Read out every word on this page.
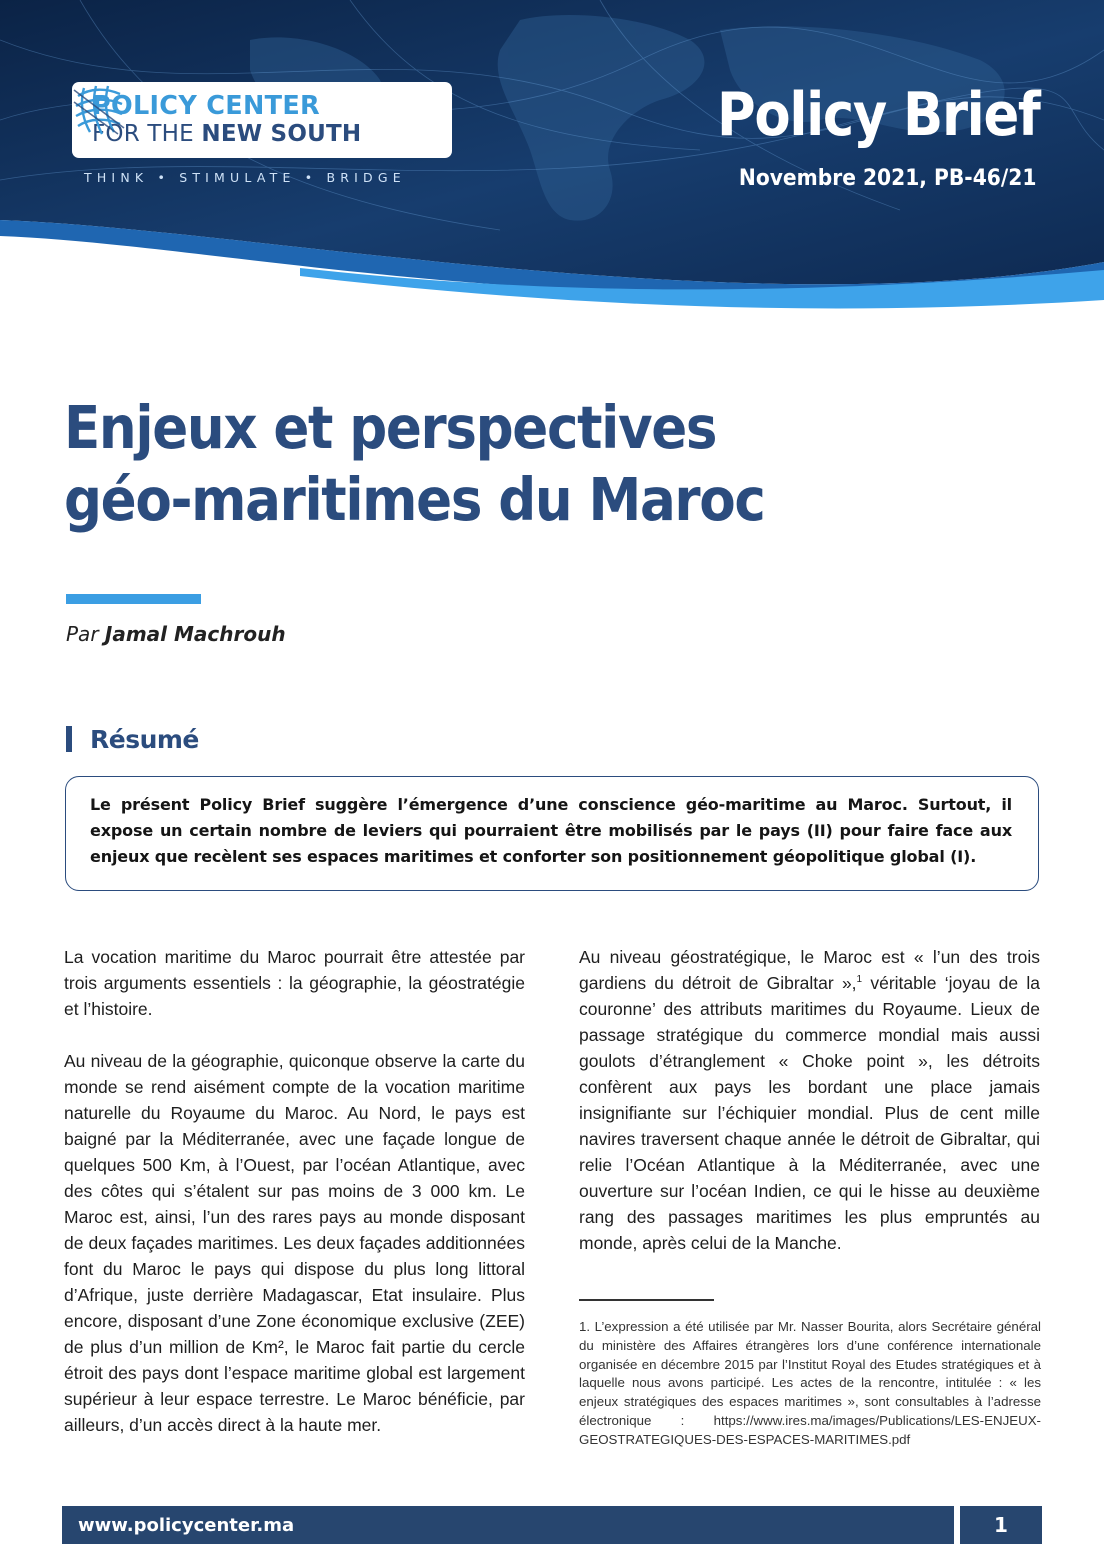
POLICY CENTER
FOR THE NEW SOUTH
THINK • STIMULATE • BRIDGE
Policy Brief
Novembre 2021, PB-46/21
Enjeux et perspectives
géo-maritimes du Maroc
Par Jamal Machrouh
Résumé

Le présent Policy Brief suggère l’émergence d’une conscience géo-maritime au Maroc. Surtout, il expose un certain nombre de leviers qui pourraient être mobilisés par le pays (II) pour faire face aux enjeux que recèlent ses espaces maritimes et conforter son positionnement géopolitique global (I).

La vocation maritime du Maroc pourrait être attestée par trois arguments essentiels : la géographie, la géostratégie et l’histoire.

Au niveau de la géographie, quiconque observe la carte du monde se rend aisément compte de la vocation maritime naturelle du Royaume du Maroc. Au Nord, le pays est baigné par la Méditerranée, avec une façade longue de quelques 500 Km, à l’Ouest, par l’océan Atlantique, avec des côtes qui s’étalent sur pas moins de 3 000 km. Le Maroc est, ainsi, l’un des rares pays au monde disposant de deux façades maritimes. Les deux façades additionnées font du Maroc le pays qui dispose du plus long littoral d’Afrique, juste derrière Madagascar, Etat insulaire. Plus encore, disposant d’une Zone économique exclusive (ZEE) de plus d’un million de Km², le Maroc fait partie du cercle étroit des pays dont l’espace maritime global est largement supérieur à leur espace terrestre. Le Maroc bénéficie, par ailleurs, d’un accès direct à la haute mer.

Au niveau géostratégique, le Maroc est « l’un des trois gardiens du détroit de Gibraltar »,$^1$ véritable ‘joyau de la couronne’ des attributs maritimes du Royaume. Lieux de passage stratégique du commerce mondial mais aussi goulots d’étranglement « Choke point », les détroits confèrent aux pays les bordant une place jamais insignifiante sur l’échiquier mondial. Plus de cent mille navires traversent chaque année le détroit de Gibraltar, qui relie l’Océan Atlantique à la Méditerranée, avec une ouverture sur l’océan Indien, ce qui le hisse au deuxième rang des passages maritimes les plus empruntés au monde, après celui de la Manche.

1. L’expression a été utilisée par Mr. Nasser Bourita, alors Secrétaire général du ministère des Affaires étrangères lors d’une conférence internationale organisée en décembre 2015 par l’Institut Royal des Etudes stratégiques et à laquelle nous avons participé. Les actes de la rencontre, intitulée : « les enjeux stratégiques des espaces maritimes », sont consultables à l’adresse électronique : https://www.ires.ma/images/Publications/LES-ENJEUX-GEOSTRATEGIQUES-DES-ESPACES-MARITIMES.pdf

www.policycenter.ma	1
